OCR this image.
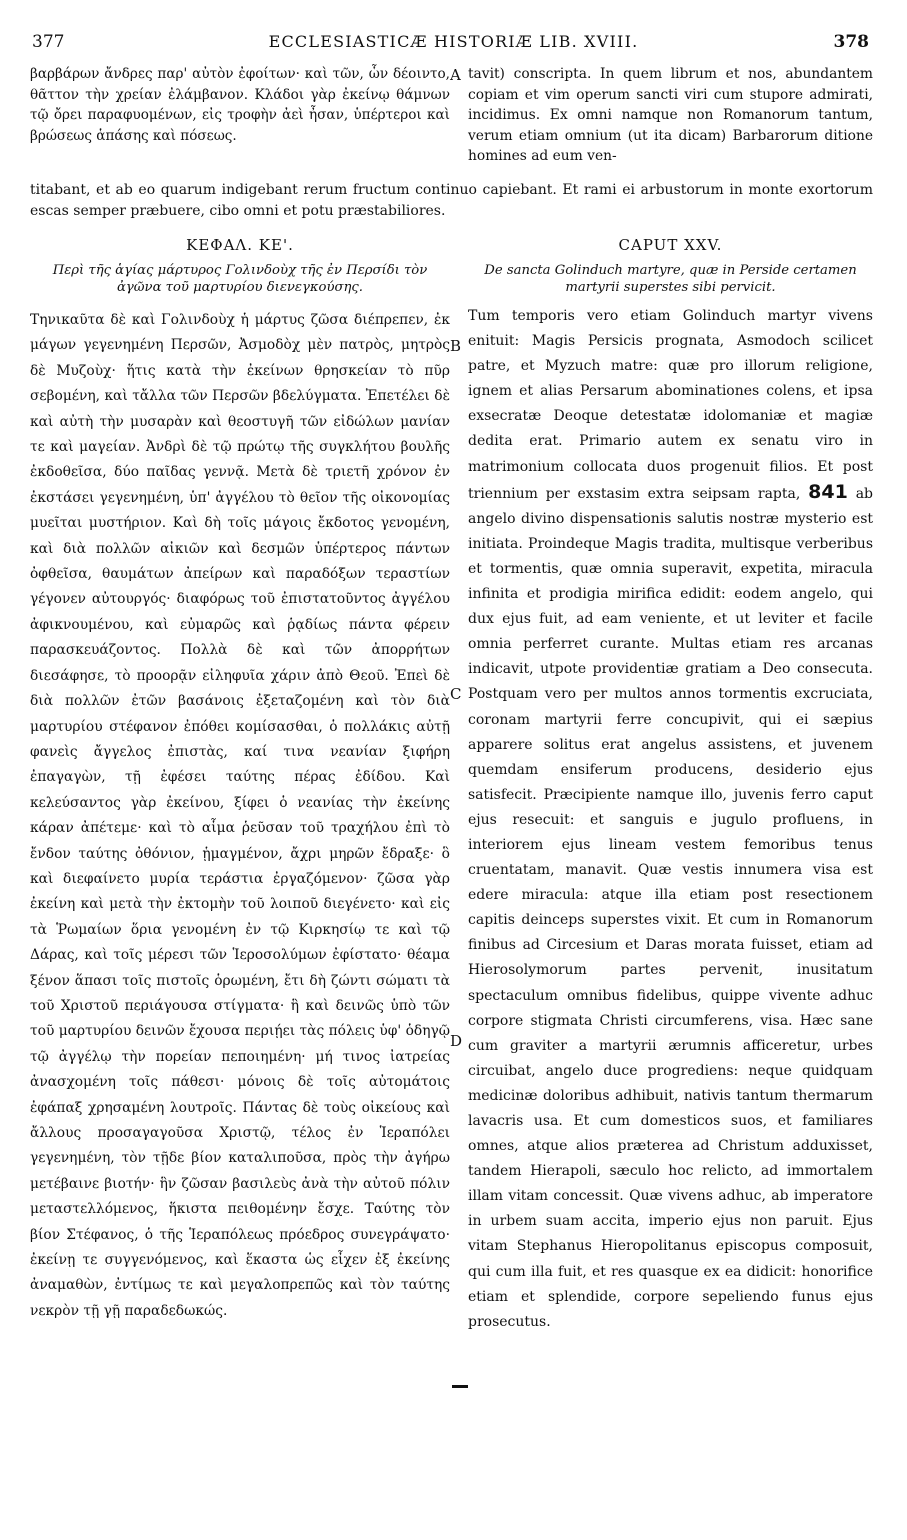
377	ECCLESIASTICÆ HISTORIÆ LIB. XVIII.	378

βαρβάρων ἄνδρες παρ' αὐτὸν ἐφοίτων· καὶ τῶν, ὧν δέοιντο, θᾶττον τὴν χρείαν ἐλάμβανον. Κλάδοι γὰρ ἐκείνῳ θάμνων τῷ ὄρει παραφυομένων, εἰς τροφὴν ἀεὶ ἦσαν, ὑπέρτεροι καὶ βρώσεως ἁπάσης καὶ πόσεως.

tavit) conscripta. In quem librum et nos, abundantem copiam et vim operum sancti viri cum stupore admirati, incidimus. Ex omni namque non Romanorum tantum, verum etiam omnium (ut ita dicam) Barbarorum ditione homines ad eum ven-

titabant, et ab eo quarum indigebant rerum fructum continuo capiebant. Et rami ei arbustorum in monte exortorum escas semper præbuere, cibo omni et potu præstabiliores.

ΚΕΦΑΛ. ΚΕ'.	CAPUT XXV.
Περὶ τῆς ἁγίας μάρτυρος Γολινδοὺχ τῆς ἐν Περσίδι τὸν ἀγῶνα τοῦ μαρτυρίου διενεγκούσης.
De sancta Golinduch martyre, quæ in Perside certamen martyrii superstes sibi pervicit.

Τηνικαῦτα δὲ καὶ Γολινδοὺχ ἡ μάρτυς ζῶσα διέπρεπεν, ἐκ μάγων γεγενημένη Περσῶν, Ἀσμοδὸχ μὲν πατρὸς, μητρὸς δὲ Μυζοὺχ· ἥτις κατὰ τὴν ἐκείνων θρησκείαν τὸ πῦρ σεβομένη, καὶ τἄλλα τῶν Περσῶν βδελύγματα. Ἐπετέλει δὲ καὶ αὐτὴ τὴν μυσαρὰν καὶ θεοστυγῆ τῶν εἰδώλων μανίαν τε καὶ μαγείαν. Ἀνδρὶ δὲ τῷ πρώτῳ τῆς συγκλήτου βουλῆς ἐκδοθεῖσα, δύο παῖδας γεννᾷ. Μετὰ δὲ τριετῆ χρόνον ἐν ἐκστάσει γεγενημένη, ὑπ' ἀγγέλου τὸ θεῖον τῆς οἰκονομίας μυεῖται μυστήριον. Καὶ δὴ τοῖς μάγοις ἔκδοτος γενομένη, καὶ διὰ πολλῶν αἰκιῶν καὶ δεσμῶν ὑπέρτερος πάντων ὀφθεῖσα, θαυμάτων ἀπείρων καὶ παραδόξων τεραστίων γέγονεν αὐτουργός· διαφόρως τοῦ ἐπιστατοῦντος ἀγγέλου ἀφικνουμένου, καὶ εὐμαρῶς καὶ ῥᾳδίως πάντα φέρειν παρασκευάζοντος. Πολλὰ δὲ καὶ τῶν ἀπορρήτων διεσάφησε, τὸ προορᾷν εἰληφυῖα χάριν ἀπὸ Θεοῦ. Ἐπεὶ δὲ διὰ πολλῶν ἐτῶν βασάνοις ἐξεταζομένη καὶ τὸν διὰ μαρτυρίου στέφανον ἐπόθει κομίσασθαι, ὁ πολλάκις αὐτῇ φανεὶς ἄγγελος ἐπιστὰς, καί τινα νεανίαν ξιφήρη ἐπαγαγὼν, τῇ ἐφέσει ταύτης πέρας ἐδίδου. Καὶ κελεύσαντος γὰρ ἐκείνου, ξίφει ὁ νεανίας τὴν ἐκείνης κάραν ἀπέτεμε· καὶ τὸ αἷμα ῥεῦσαν τοῦ τραχήλου ἐπὶ τὸ ἔνδον ταύτης ὀθόνιον, ᾑμαγμένον, ἄχρι μηρῶν ἔδραξε· ὃ καὶ διεφαίνετο μυρία τεράστια ἐργαζόμενον· ζῶσα γὰρ ἐκείνη καὶ μετὰ τὴν ἐκτομὴν τοῦ λοιποῦ διεγένετο· καὶ εἰς τὰ Ῥωμαίων ὅρια γενομένη ἐν τῷ Κιρκησίῳ τε καὶ τῷ Δάρας, καὶ τοῖς μέρεσι τῶν Ἱεροσολύμων ἐφίστατο· θέαμα ξένον ἅπασι τοῖς πιστοῖς ὁρωμένη, ἔτι δὴ ζώντι σώματι τὰ τοῦ Χριστοῦ περιάγουσα στίγματα· ἣ καὶ δεινῶς ὑπὸ τῶν τοῦ μαρτυρίου δεινῶν ἔχουσα περιῄει τὰς πόλεις ὑφ' ὁδηγῷ τῷ ἀγγέλῳ τὴν πορείαν πεποιημένη· μή τινος ἰατρείας ἀνασχομένη τοῖς πάθεσι· μόνοις δὲ τοῖς αὐτομάτοις ἐφάπαξ χρησαμένη λουτροῖς. Πάντας δὲ τοὺς οἰκείους καὶ ἄλλους προσαγαγοῦσα Χριστῷ, τέλος ἐν Ἱεραπόλει γεγενημένη, τὸν τῇδε βίον καταλιποῦσα, πρὸς τὴν ἀγήρω μετέβαινε βιοτήν· ἣν ζῶσαν βασιλεὺς ἀνὰ τὴν αὐτοῦ πόλιν μεταστελλόμενος, ἥκιστα πειθομένην ἔσχε. Ταύτης τὸν βίον Στέφανος, ὁ τῆς Ἱεραπόλεως πρόεδρος συνεγράψατο· ἐκείνῃ τε συγγενόμενος, καὶ ἕκαστα ὡς εἶχεν ἐξ ἐκείνης ἀναμαθὼν, ἐντίμως τε καὶ μεγαλοπρεπῶς καὶ τὸν ταύτης νεκρὸν τῇ γῇ παραδεδωκώς.

Tum temporis vero etiam Golinduch martyr vivens enituit: Magis Persicis prognata, Asmodoch scilicet patre, et Myzuch matre: quæ pro illorum religione, ignem et alias Persarum abominationes colens, et ipsa exsecratæ Deoque detestatæ idolomaniæ et magiæ dedita erat. Primario autem ex senatu viro in matrimonium collocata duos progenuit filios. Et post triennium per exstasim extra seipsam rapta, 841 ab angelo divino dispensationis salutis nostræ mysterio est initiata. Proindeque Magis tradita, multisque verberibus et tormentis, quæ omnia superavit, expetita, miracula infinita et prodigia mirifica edidit: eodem angelo, qui dux ejus fuit, ad eam veniente, et ut leviter et facile omnia perferret curante. Multas etiam res arcanas indicavit, utpote providentiæ gratiam a Deo consecuta. Postquam vero per multos annos tormentis excruciata, coronam martyrii ferre concupivit, qui ei sæpius apparere solitus erat angelus assistens, et juvenem quemdam ensiferum producens, desiderio ejus satisfecit. Præcipiente namque illo, juvenis ferro caput ejus resecuit: et sanguis e jugulo profluens, in interiorem ejus lineam vestem femoribus tenus cruentatam, manavit. Quæ vestis innumera visa est edere miracula: atque illa etiam post resectionem capitis deinceps superstes vixit. Et cum in Romanorum finibus ad Circesium et Daras morata fuisset, etiam ad Hierosolymorum partes pervenit, inusitatum spectaculum omnibus fidelibus, quippe vivente adhuc corpore stigmata Christi circumferens, visa. Hæc sane cum graviter a martyrii ærumnis afficeretur, urbes circuibat, angelo duce progrediens: neque quidquam medicinæ doloribus adhibuit, nativis tantum thermarum lavacris usa. Et cum domesticos suos, et familiares omnes, atque alios præterea ad Christum adduxisset, tandem Hierapoli, sæculo hoc relicto, ad immortalem illam vitam concessit. Quæ vivens adhuc, ab imperatore in urbem suam accita, imperio ejus non paruit. Ejus vitam Stephanus Hieropolitanus episcopus composuit, qui cum illa fuit, et res quasque ex ea didicit: honorifice etiam et splendide, corpore sepeliendo funus ejus prosecutus.

A
B
C
D
